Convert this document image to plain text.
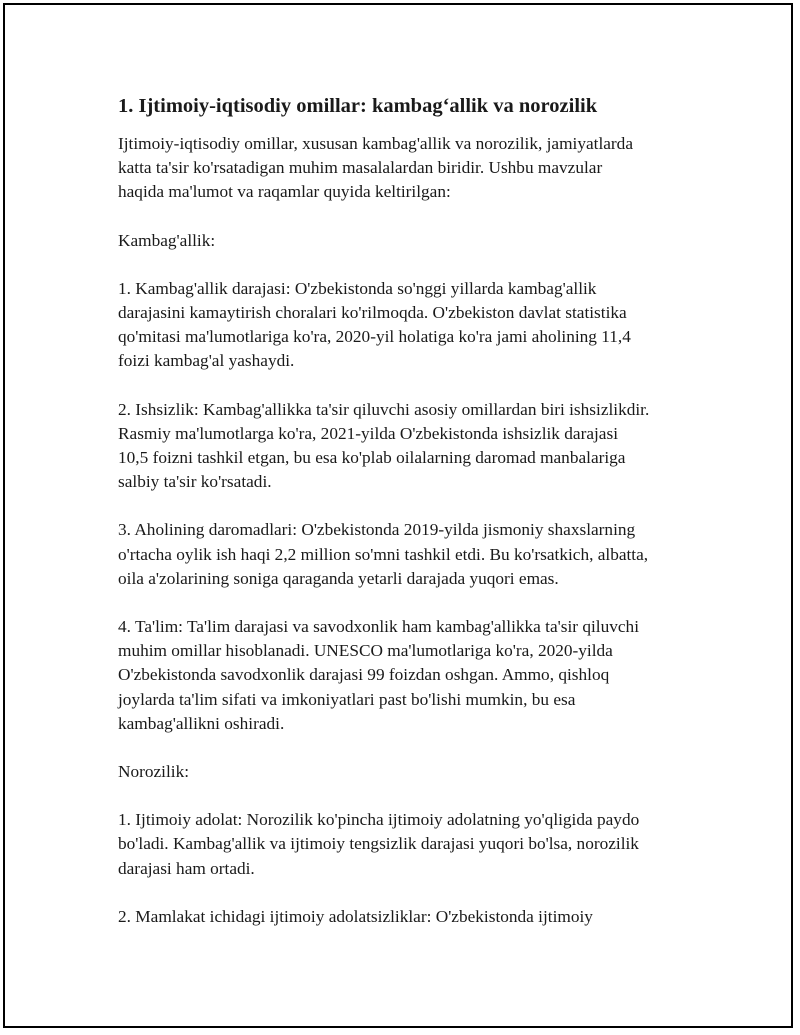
1. Ijtimoiy-iqtisodiy omillar: kambag‘allik va norozilik
Ijtimoiy-iqtisodiy omillar, xususan kambag'allik va norozilik, jamiyatlarda
katta ta'sir ko'rsatadigan muhim masalalardan biridir. Ushbu mavzular
haqida ma'lumot va raqamlar quyida keltirilgan:
Kambag'allik:
1. Kambag'allik darajasi: O'zbekistonda so'nggi yillarda kambag'allik
darajasini kamaytirish choralari ko'rilmoqda. O'zbekiston davlat statistika
qo'mitasi ma'lumotlariga ko'ra, 2020-yil holatiga ko'ra jami aholining 11,4
foizi kambag'al yashaydi.
2. Ishsizlik: Kambag'allikka ta'sir qiluvchi asosiy omillardan biri ishsizlikdir.
Rasmiy ma'lumotlarga ko'ra, 2021-yilda O'zbekistonda ishsizlik darajasi
10,5 foizni tashkil etgan, bu esa ko'plab oilalarning daromad manbalariga
salbiy ta'sir ko'rsatadi.
3. Aholining daromadlari: O'zbekistonda 2019-yilda jismoniy shaxslarning
o'rtacha oylik ish haqi 2,2 million so'mni tashkil etdi. Bu ko'rsatkich, albatta,
oila a'zolarining soniga qaraganda yetarli darajada yuqori emas.
4. Ta'lim: Ta'lim darajasi va savodxonlik ham kambag'allikka ta'sir qiluvchi
muhim omillar hisoblanadi. UNESCO ma'lumotlariga ko'ra, 2020-yilda
O'zbekistonda savodxonlik darajasi 99 foizdan oshgan. Ammo, qishloq
joylarda ta'lim sifati va imkoniyatlari past bo'lishi mumkin, bu esa
kambag'allikni oshiradi.
Norozilik:
1. Ijtimoiy adolat: Norozilik ko'pincha ijtimoiy adolatning yo'qligida paydo
bo'ladi. Kambag'allik va ijtimoiy tengsizlik darajasi yuqori bo'lsa, norozilik
darajasi ham ortadi.
2. Mamlakat ichidagi ijtimoiy adolatsizliklar: O'zbekistonda ijtimoiy
